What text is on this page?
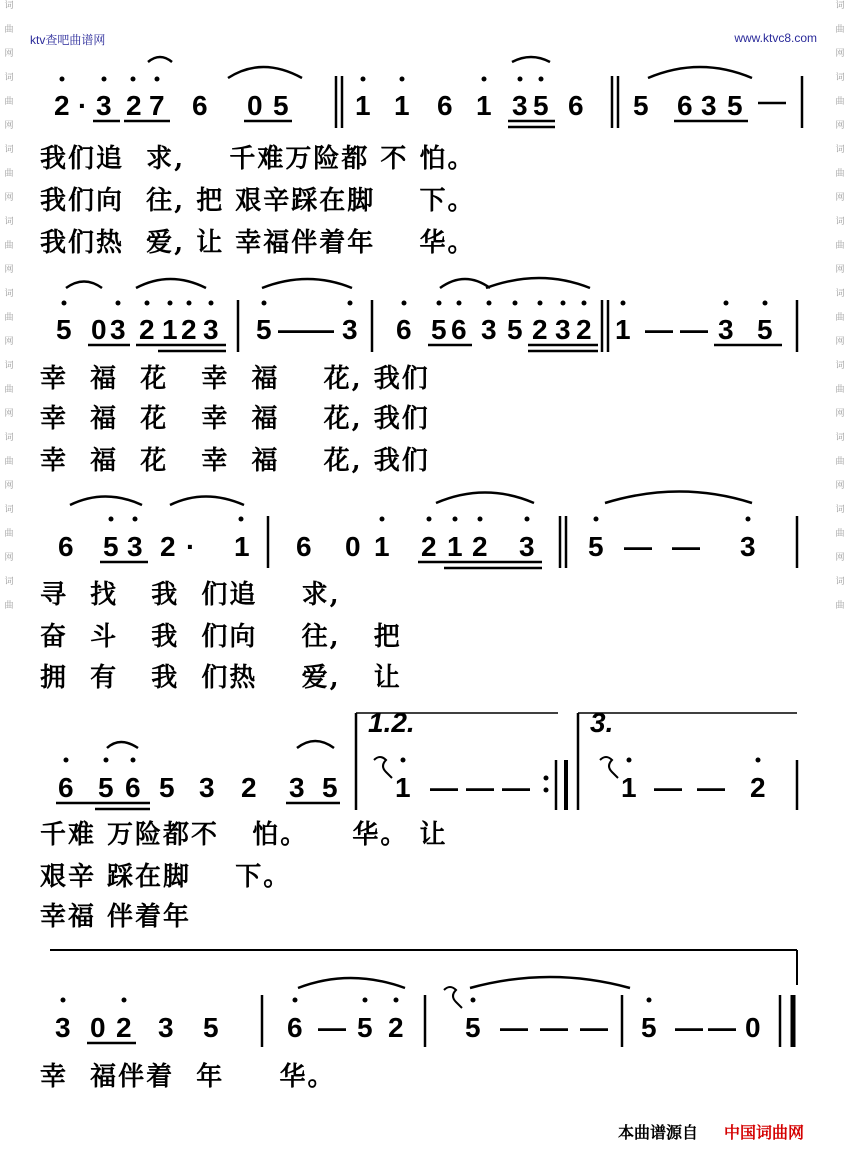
ktv查吧曲谱网	www.ktvc8.com
词
曲
网
词
曲
网
词
曲
网
词
曲
网
词
曲
网
词
曲
网
词
曲
网
词
曲
网
词
曲
词
曲
网
词
曲
网
词
曲
网
词
曲
网
词
曲
网
词
曲
网
词
曲
网
词
曲
网
词
曲
2 · 3 2 7 6 0 5 1 1 6 1 3 5 6 5 6 3 5
5 0 3 2 1 2 3 5 — — 3 6 5 6 3 5 2 3 2 1 — — 3 5
6 5 3 2 · 1 6 0 1 2 1 2 3 5 — — 3
6 5 6 5 3 2 3 5 1 — — —	1 — — 2
3 0 2 3 5 6 — 5 2 5 — — — 5 — — 0
1.2.	3.
我们追  求,    千难万险都 不 怕。
我们向  往, 把 艰辛踩在脚    下。
我们热  爱, 让 幸福伴着年    华。
幸  福  花   幸  福    花, 我们
幸  福  花   幸  福    花, 我们
幸  福  花   幸  福    花, 我们
寻  找   我  们追    求,
奋  斗   我  们向    往,   把
拥  有   我  们热    爱,   让
千难 万险都不   怕。    华。 让
艰辛 踩在脚    下。
幸福 伴着年
幸  福伴着  年     华。
本曲谱源自 中国词曲网
